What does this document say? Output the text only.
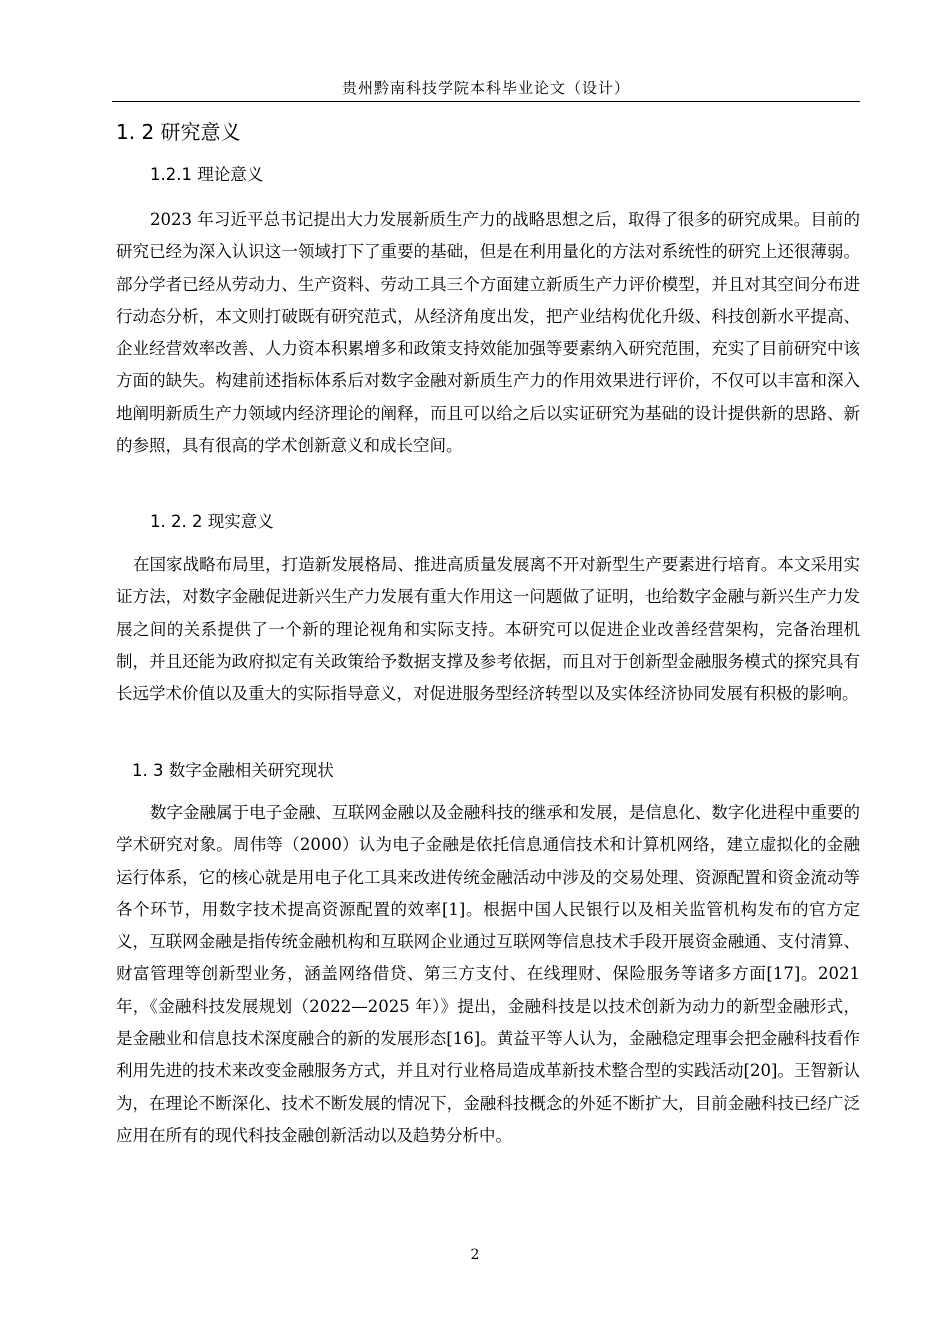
贵州黔南科技学院本科毕业论文（设计）
1. 2 研究意义
1.2.1 理论意义
2023 年习近平总书记提出大力发展新质生产力的战略思想之后，取得了很多的研究成果。目前的研究已经为深入认识这一领域打下了重要的基础，但是在利用量化的方法对系统性的研究上还很薄弱。部分学者已经从劳动力、生产资料、劳动工具三个方面建立新质生产力评价模型，并且对其空间分布进行动态分析，本文则打破既有研究范式，从经济角度出发，把产业结构优化升级、科技创新水平提高、企业经营效率改善、人力资本积累增多和政策支持效能加强等要素纳入研究范围，充实了目前研究中该方面的缺失。构建前述指标体系后对数字金融对新质生产力的作用效果进行评价，不仅可以丰富和深入地阐明新质生产力领域内经济理论的阐释，而且可以给之后以实证研究为基础的设计提供新的思路、新的参照，具有很高的学术创新意义和成长空间。
1. 2. 2 现实意义
在国家战略布局里，打造新发展格局、推进高质量发展离不开对新型生产要素进行培育。本文采用实证方法，对数字金融促进新兴生产力发展有重大作用这一问题做了证明，也给数字金融与新兴生产力发展之间的关系提供了一个新的理论视角和实际支持。本研究可以促进企业改善经营架构，完备治理机制，并且还能为政府拟定有关政策给予数据支撑及参考依据，而且对于创新型金融服务模式的探究具有长远学术价值以及重大的实际指导意义，对促进服务型经济转型以及实体经济协同发展有积极的影响。
1. 3 数字金融相关研究现状
数字金融属于电子金融、互联网金融以及金融科技的继承和发展，是信息化、数字化进程中重要的学术研究对象。周伟等（2000）认为电子金融是依托信息通信技术和计算机网络，建立虚拟化的金融运行体系，它的核心就是用电子化工具来改进传统金融活动中涉及的交易处理、资源配置和资金流动等各个环节，用数字技术提高资源配置的效率[1]。根据中国人民银行以及相关监管机构发布的官方定义，互联网金融是指传统金融机构和互联网企业通过互联网等信息技术手段开展资金融通、支付清算、财富管理等创新型业务，涵盖网络借贷、第三方支付、在线理财、保险服务等诸多方面[17]。2021 年，《金融科技发展规划（2022—2025 年）》提出，金融科技是以技术创新为动力的新型金融形式，是金融业和信息技术深度融合的新的发展形态[16]。黄益平等人认为，金融稳定理事会把金融科技看作利用先进的技术来改变金融服务方式，并且对行业格局造成革新技术整合型的实践活动[20]。王智新认为，在理论不断深化、技术不断发展的情况下，金融科技概念的外延不断扩大，目前金融科技已经广泛应用在所有的现代科技金融创新活动以及趋势分析中。
2
